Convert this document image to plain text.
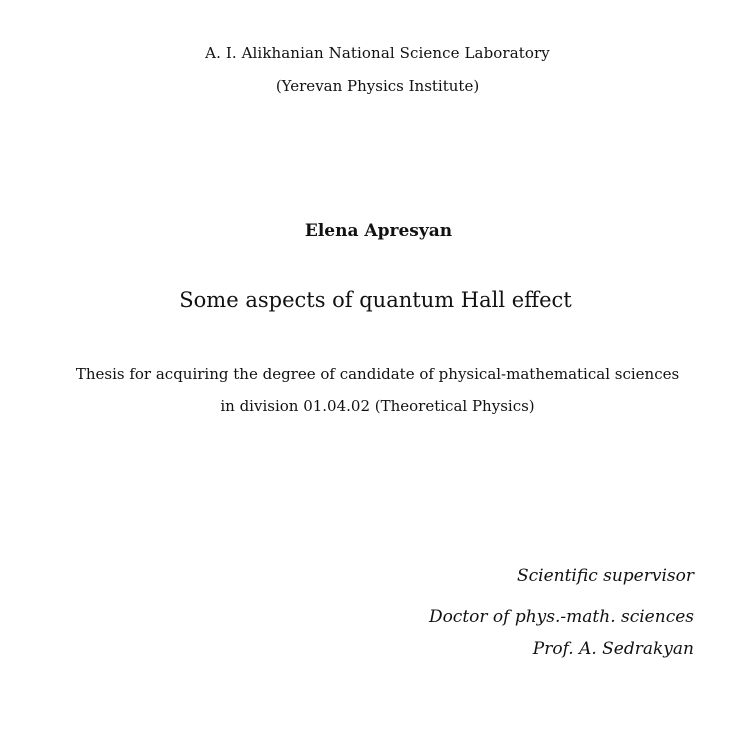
A. I. Alikhanian National Science Laboratory
(Yerevan Physics Institute)
Elena Apresyan
Some aspects of quantum Hall effect
Thesis for acquiring the degree of candidate of physical-mathematical sciences
in division 01.04.02 (Theoretical Physics)
Scientific supervisor
Doctor of phys.-math. sciences
Prof. A. Sedrakyan
